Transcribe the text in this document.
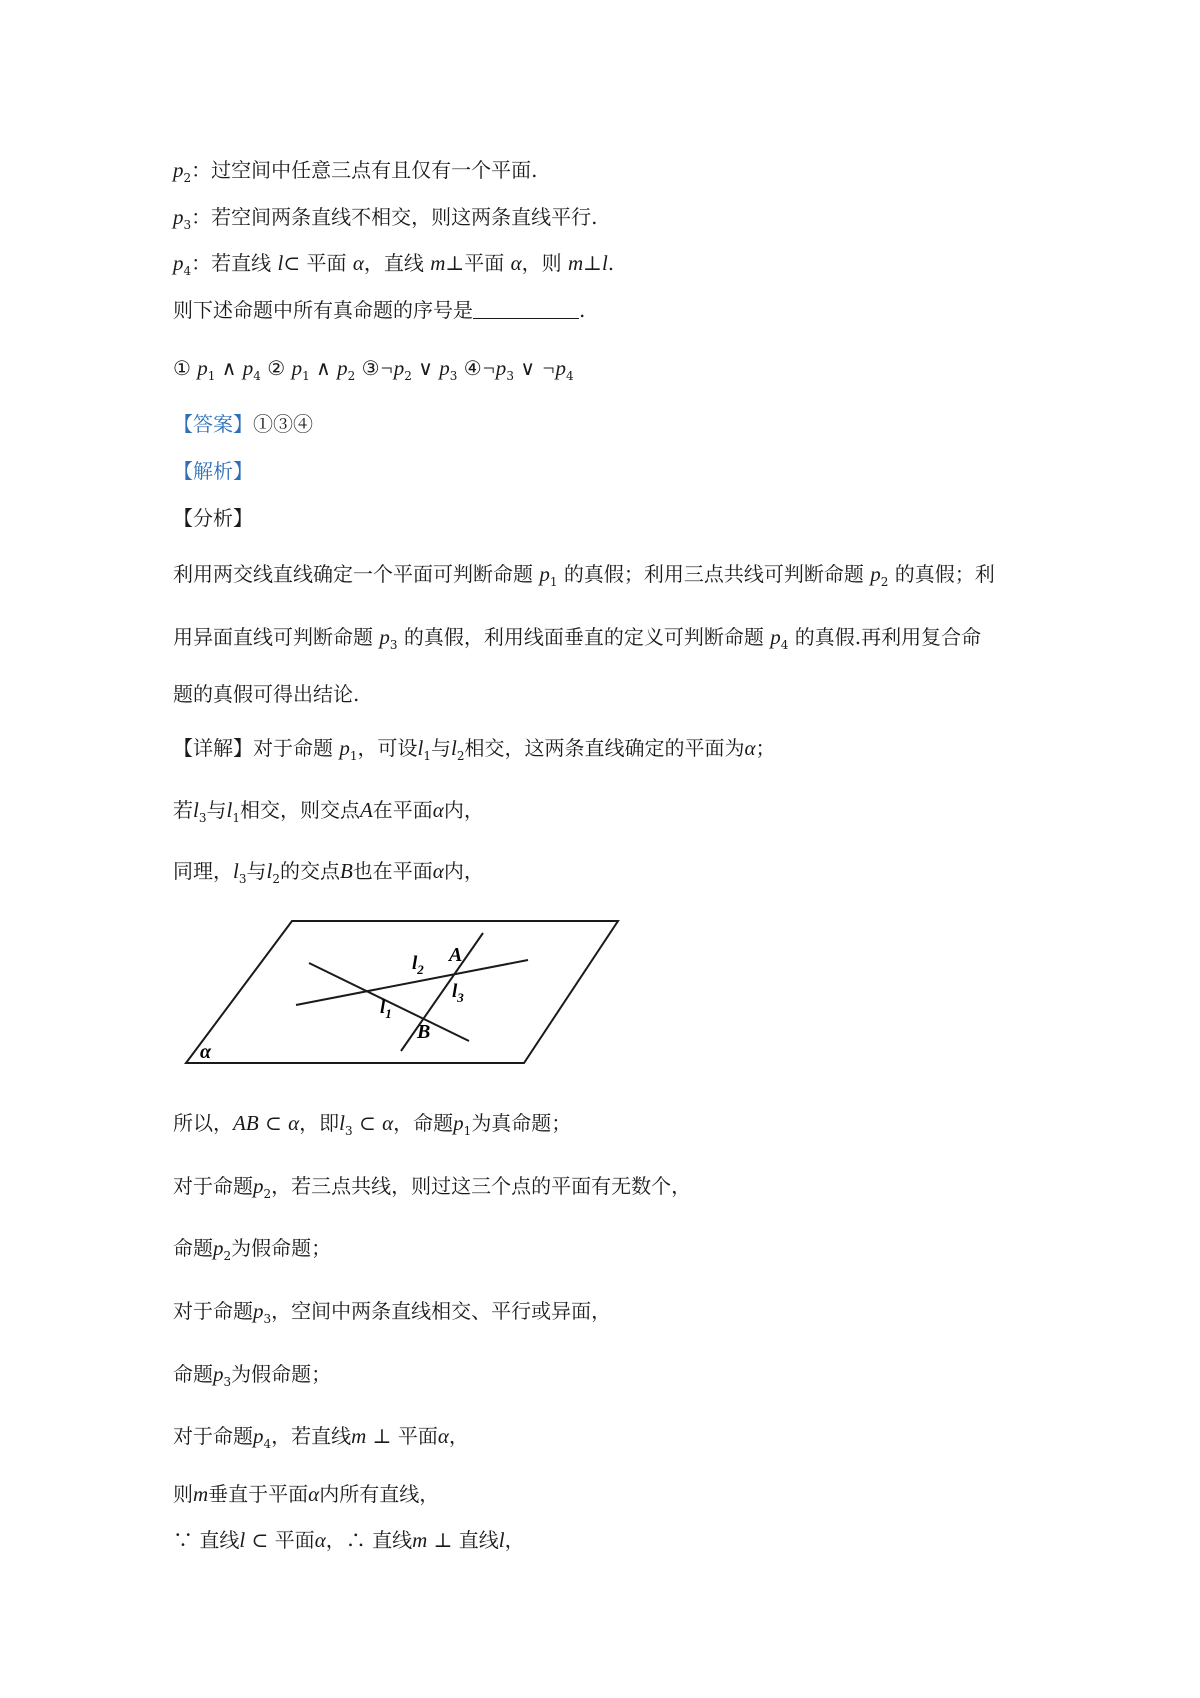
$p_2$：过空间中任意三点有且仅有一个平面.
$p_3$：若空间两条直线不相交，则这两条直线平行.
$p_4$：若直线 l⊂ 平面 α，直线 m⊥平面 α，则 m⊥l.
则下述命题中所有真命题的序号是	.
① $p_1$ ∧ $p_4$ ② $p_1$ ∧ $p_2$ $③\neg p_2$ ∨ $p_3$ $④\neg p_3$ ∨ $\neg p_4$
【答案】①③④
【解析】
【分析】
利用两交线直线确定一个平面可判断命题 $p_1$ 的真假；利用三点共线可判断命题 $p_2$ 的真假；利
用异面直线可判断命题 $p_3$ 的真假，利用线面垂直的定义可判断命题 $p_4$ 的真假.再利用复合命
题的真假可得出结论.
【详解】对于命题 $p_1$，可设$l_1$与$l_2$相交，这两条直线确定的平面为α；
若$l_3$与$l_1$相交，则交点A在平面α内，
同理，$l_3$与$l_2$的交点B也在平面α内，
$l_2$
A
$l_3$
$l_1$
B
α
所以，AB ⊂ α，即$l_3$ ⊂ α，命题$p_1$为真命题；
对于命题$p_2$，若三点共线，则过这三个点的平面有无数个，
命题$p_2$为假命题；
对于命题$p_3$，空间中两条直线相交、平行或异面，
命题$p_3$为假命题；
对于命题$p_4$，若直线m ⊥ 平面α，
则m垂直于平面α内所有直线，
∵ 直线l ⊂ 平面α，∴ 直线m ⊥ 直线l，
